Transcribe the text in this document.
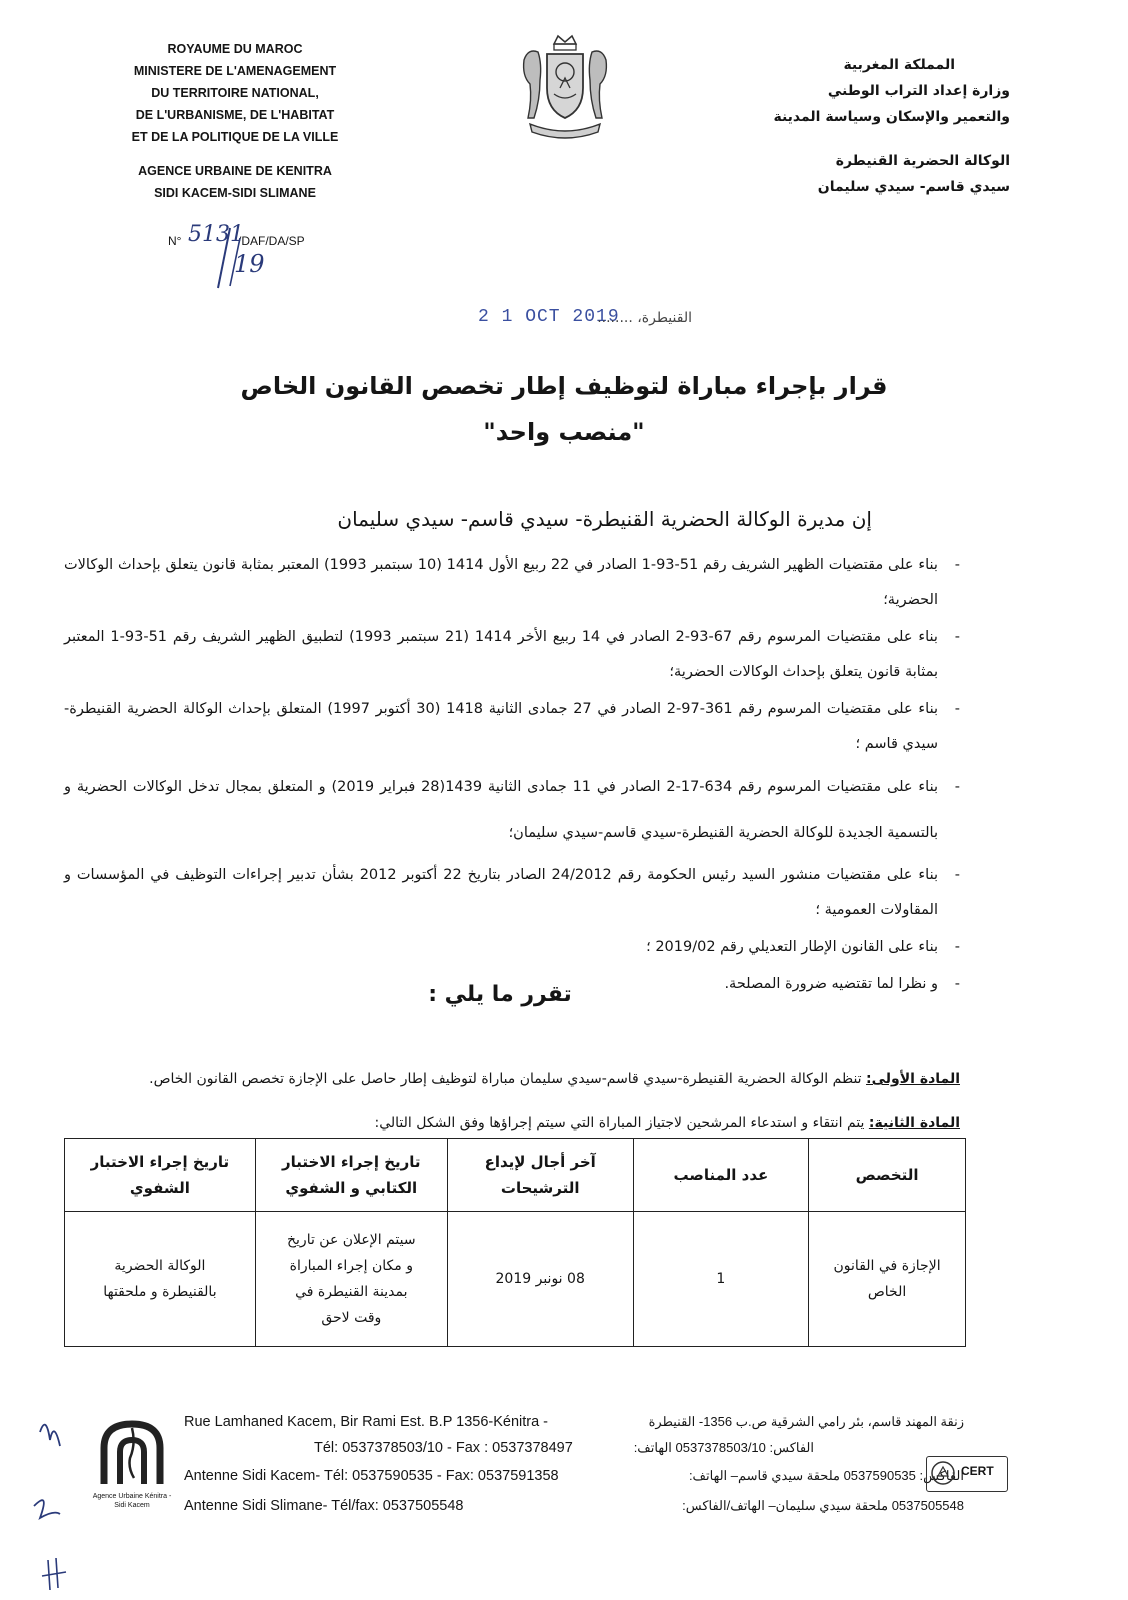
ROYAUME DU MAROC
MINISTERE DE L'AMENAGEMENT
DU TERRITOIRE NATIONAL,
DE L'URBANISME, DE L'HABITAT
ET DE LA POLITIQUE DE LA VILLE
AGENCE URBAINE DE KENITRA
SIDI KACEM-SIDI SLIMANE
N° 5131
/DAF/DA/SP
19
المملكة المغربية
وزارة إعداد التراب الوطني
والتعمير والإسكان وسياسة المدينة
الوكالة الحضرية القنيطرة
سيدي قاسم- سيدي سليمان
2 1 OCT 2019
القنيطرة، ........
قرار بإجراء مباراة لتوظيف إطار تخصص القانون الخاص
"منصب واحد"
إن مديرة الوكالة الحضرية القنيطرة- سيدي قاسم- سيدي سليمان
- بناء على مقتضيات الظهير الشريف رقم 51-93-1 الصادر في 22 ربيع الأول 1414 (10 سبتمبر 1993) المعتبر بمثابة قانون يتعلق بإحداث الوكالات الحضرية؛
- بناء على مقتضيات المرسوم رقم 67-93-2 الصادر في 14 ربيع الأخر 1414 (21 سبتمبر 1993) لتطبيق الظهير الشريف رقم 51-93-1 المعتبر بمثابة قانون يتعلق بإحداث الوكالات الحضرية؛
- بناء على مقتضيات المرسوم رقم 361-97-2 الصادر في 27 جمادى الثانية 1418 (30 أكتوبر 1997) المتعلق بإحداث الوكالة الحضرية القنيطرة-سيدي قاسم ؛
- بناء على مقتضيات المرسوم رقم 634-17-2 الصادر في 11 جمادى الثانية 1439(28 فبراير 2019) و المتعلق بمجال تدخل الوكالات الحضرية و بالتسمية الجديدة للوكالة الحضرية القنيطرة-سيدي قاسم-سيدي سليمان؛
- بناء على مقتضيات منشور السيد رئيس الحكومة رقم 24/2012 الصادر بتاريخ 22 أكتوبر 2012 بشأن تدبير إجراءات التوظيف في المؤسسات و المقاولات العمومية ؛
- بناء على القانون الإطار التعديلي رقم 2019/02 ؛
- و نظرا لما تقتضيه ضرورة المصلحة.
تقرر ما يلي :
المادة الأولى: تنظم الوكالة الحضرية القنيطرة-سيدي قاسم-سيدي سليمان مباراة لتوظيف إطار حاصل على الإجازة تخصص القانون الخاص.
المادة الثانية: يتم انتقاء و استدعاء المرشحين لاجتياز المباراة التي سيتم إجراؤها وفق الشكل التالي:
التخصص	عدد المناصب	آخر أجال لإيداع الترشيحات	تاريخ إجراء الاختبار الكتابي و الشفوي	تاريخ إجراء الاختبار الشفوي
الإجازة في القانون الخاص	1	08 نونبر 2019	سيتم الإعلان عن تاريخ و مكان إجراء المباراة بمدينة القنيطرة في وقت لاحق	الوكالة الحضرية بالقنيطرة و ملحقتها
Agence Urbaine Kénitra - Sidi Kacem
Rue Lamhaned Kacem, Bir Rami Est. B.P 1356-Kénitra -	زنقة المهند قاسم، بئر رامي الشرقية ص.ب 1356- القنيطرة
Tél: 0537378503/10 - Fax : 0537378497	الفاكس: 0537378503/10 الهاتف:
Antenne Sidi Kacem- Tél: 0537590535 - Fax: 0537591358	الفاكس: 0537590535 ملحقة سيدي قاسم– الهاتف:
Antenne Sidi Slimane- Tél/fax: 0537505548	0537505548 ملحقة سيدي سليمان– الهاتف/الفاكس:
CERT
